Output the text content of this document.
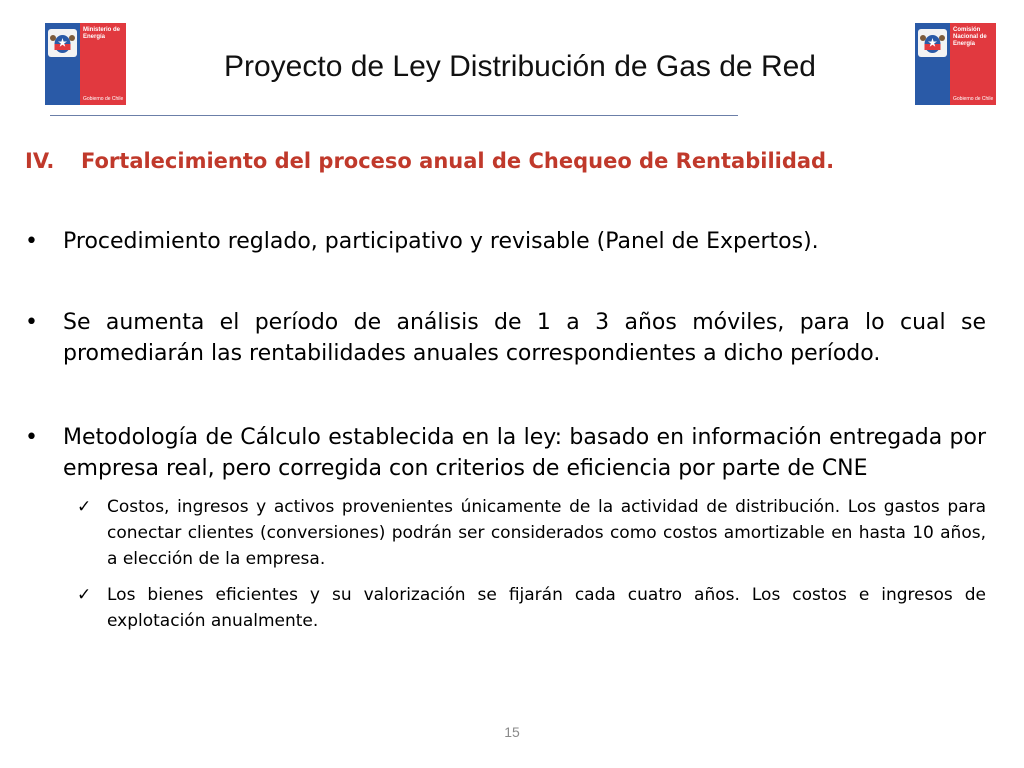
Ministerio de
Energía
Gobierno de Chile
Comisión
Nacional de
Energía
Gobierno de Chile
Proyecto de Ley Distribución de Gas de Red
IV. Fortalecimiento del proceso anual de Chequeo de Rentabilidad.
•	Procedimiento reglado, participativo y revisable (Panel de Expertos).
•	Se aumenta el período de análisis de 1 a 3 años móviles, para lo cual se promediarán las rentabilidades anuales correspondientes a dicho período.
•	Metodología de Cálculo establecida en la ley: basado en información entregada por empresa real, pero corregida con criterios de eficiencia por parte de CNE
✓ Costos, ingresos y activos provenientes únicamente de la actividad de distribución. Los gastos para conectar clientes (conversiones) podrán ser considerados como costos amortizable en hasta 10 años, a elección de la empresa.
✓ Los bienes eficientes y su valorización se fijarán cada cuatro años. Los costos e ingresos de explotación anualmente.
15
